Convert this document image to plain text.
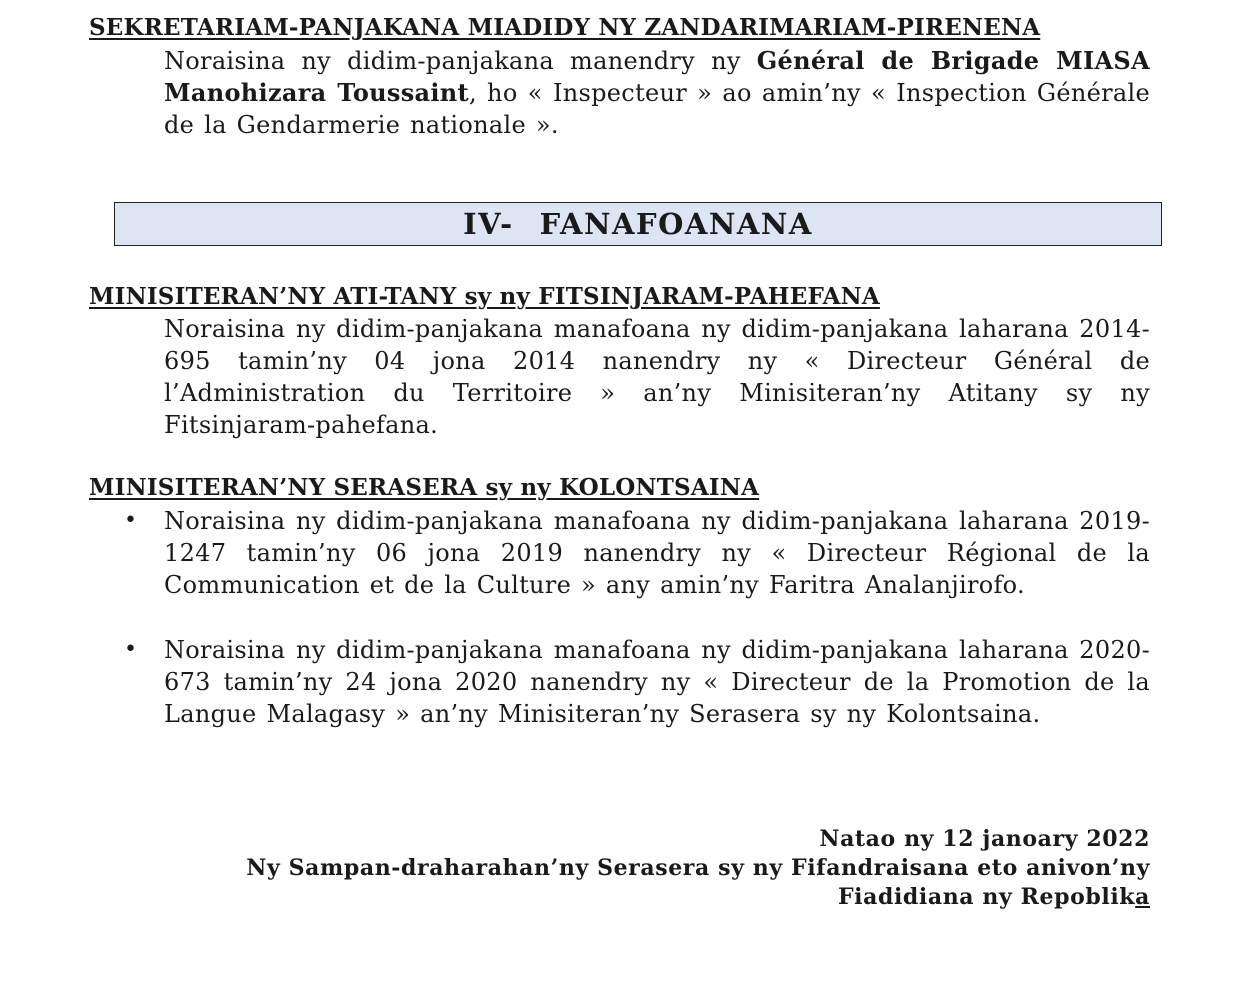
SEKRETARIAM-PANJAKANA MIADIDY NY ZANDARIMARIAM-PIRENENA
Noraisina ny didim-panjakana manendry ny Général de Brigade MIASA Manohizara Toussaint, ho « Inspecteur » ao amin’ny « Inspection Générale de la Gendarmerie nationale ».
IV- FANAFOANANA
MINISITERAN’NY ATI-TANY sy ny FITSINJARAM-PAHEFANA
Noraisina ny didim-panjakana manafoana ny didim-panjakana laharana 2014-695 tamin’ny 04 jona 2014 nanendry ny « Directeur Général de l’Administration du Territoire » an’ny Minisiteran’ny Atitany sy ny Fitsinjaram-pahefana.
MINISITERAN’NY SERASERA sy ny KOLONTSAINA
• Noraisina ny didim-panjakana manafoana ny didim-panjakana laharana 2019-1247 tamin’ny 06 jona 2019 nanendry ny « Directeur Régional de la Communication et de la Culture » any amin’ny Faritra Analanjirofo.
• Noraisina ny didim-panjakana manafoana ny didim-panjakana laharana 2020-673 tamin’ny 24 jona 2020 nanendry ny « Directeur de la Promotion de la Langue Malagasy » an’ny Minisiteran’ny Serasera sy ny Kolontsaina.
Natao ny 12 janoary 2022
Ny Sampan-draharahan’ny Serasera sy ny Fifandraisana eto anivon’ny
Fiadidiana ny Repoblika
